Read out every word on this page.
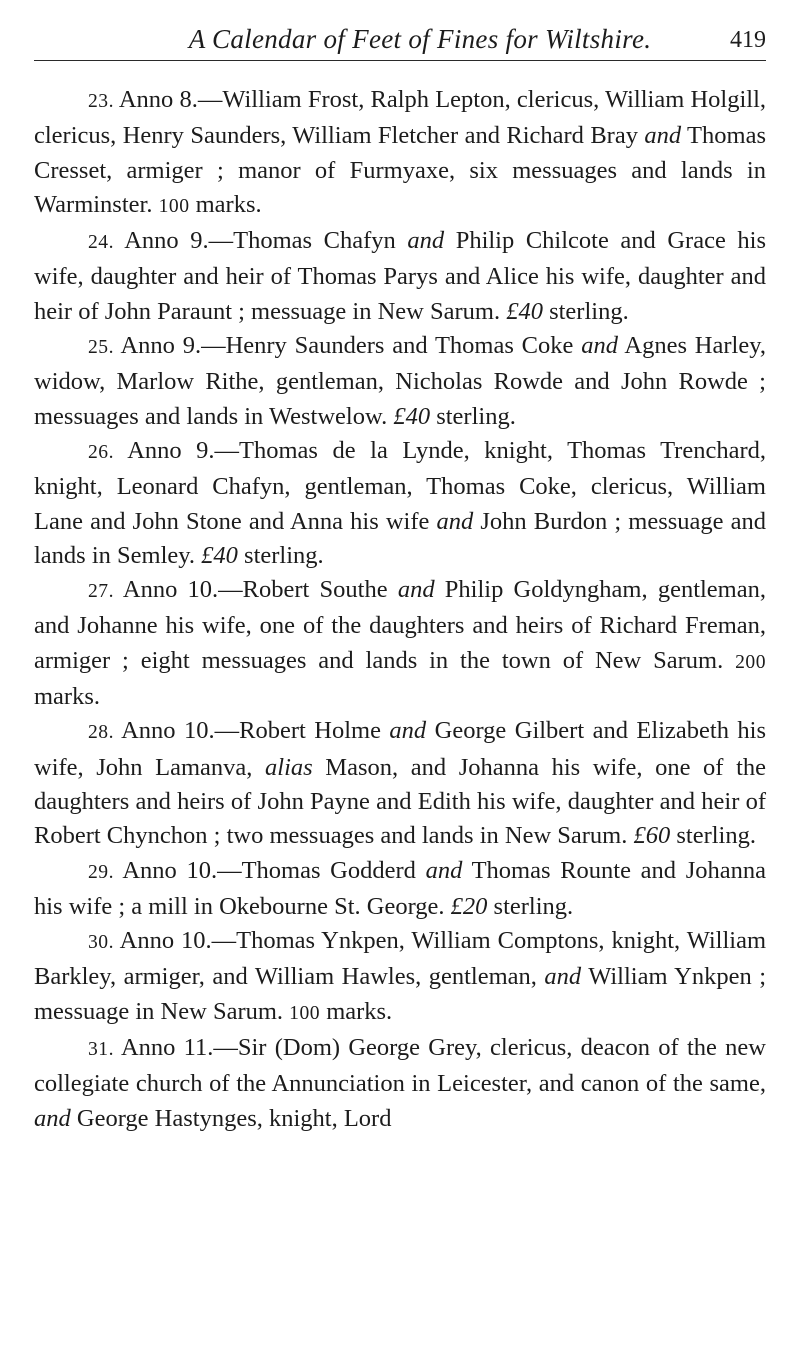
A Calendar of Feet of Fines for Wiltshire.	419

23. Anno 8.—William Frost, Ralph Lepton, clericus, William Holgill, clericus, Henry Saunders, William Fletcher and Richard Bray and Thomas Cresset, armiger ; manor of Furmyaxe, six messuages and lands in Warminster. 100 marks.

24. Anno 9.—Thomas Chafyn and Philip Chilcote and Grace his wife, daughter and heir of Thomas Parys and Alice his wife, daughter and heir of John Paraunt ; messuage in New Sarum. £40 sterling.

25. Anno 9.—Henry Saunders and Thomas Coke and Agnes Harley, widow, Marlow Rithe, gentleman, Nicholas Rowde and John Rowde ; messuages and lands in Westwelow. £40 sterling.

26. Anno 9.—Thomas de la Lynde, knight, Thomas Trenchard, knight, Leonard Chafyn, gentleman, Thomas Coke, clericus, William Lane and John Stone and Anna his wife and John Burdon ; messuage and lands in Semley. £40 sterling.

27. Anno 10.—Robert Southe and Philip Goldyngham, gentleman, and Johanne his wife, one of the daughters and heirs of Richard Freman, armiger ; eight messuages and lands in the town of New Sarum. 200 marks.

28. Anno 10.—Robert Holme and George Gilbert and Elizabeth his wife, John Lamanva, alias Mason, and Johanna his wife, one of the daughters and heirs of John Payne and Edith his wife, daughter and heir of Robert Chynchon ; two messuages and lands in New Sarum. £60 sterling.

29. Anno 10.—Thomas Godderd and Thomas Rounte and Johanna his wife ; a mill in Okebourne St. George. £20 sterling.

30. Anno 10.—Thomas Ynkpen, William Comptons, knight, William Barkley, armiger, and William Hawles, gentleman, and William Ynkpen ; messuage in New Sarum. 100 marks.

31. Anno 11.—Sir (Dom) George Grey, clericus, deacon of the new collegiate church of the Annunciation in Leicester, and canon of the same, and George Hastynges, knight, Lord
